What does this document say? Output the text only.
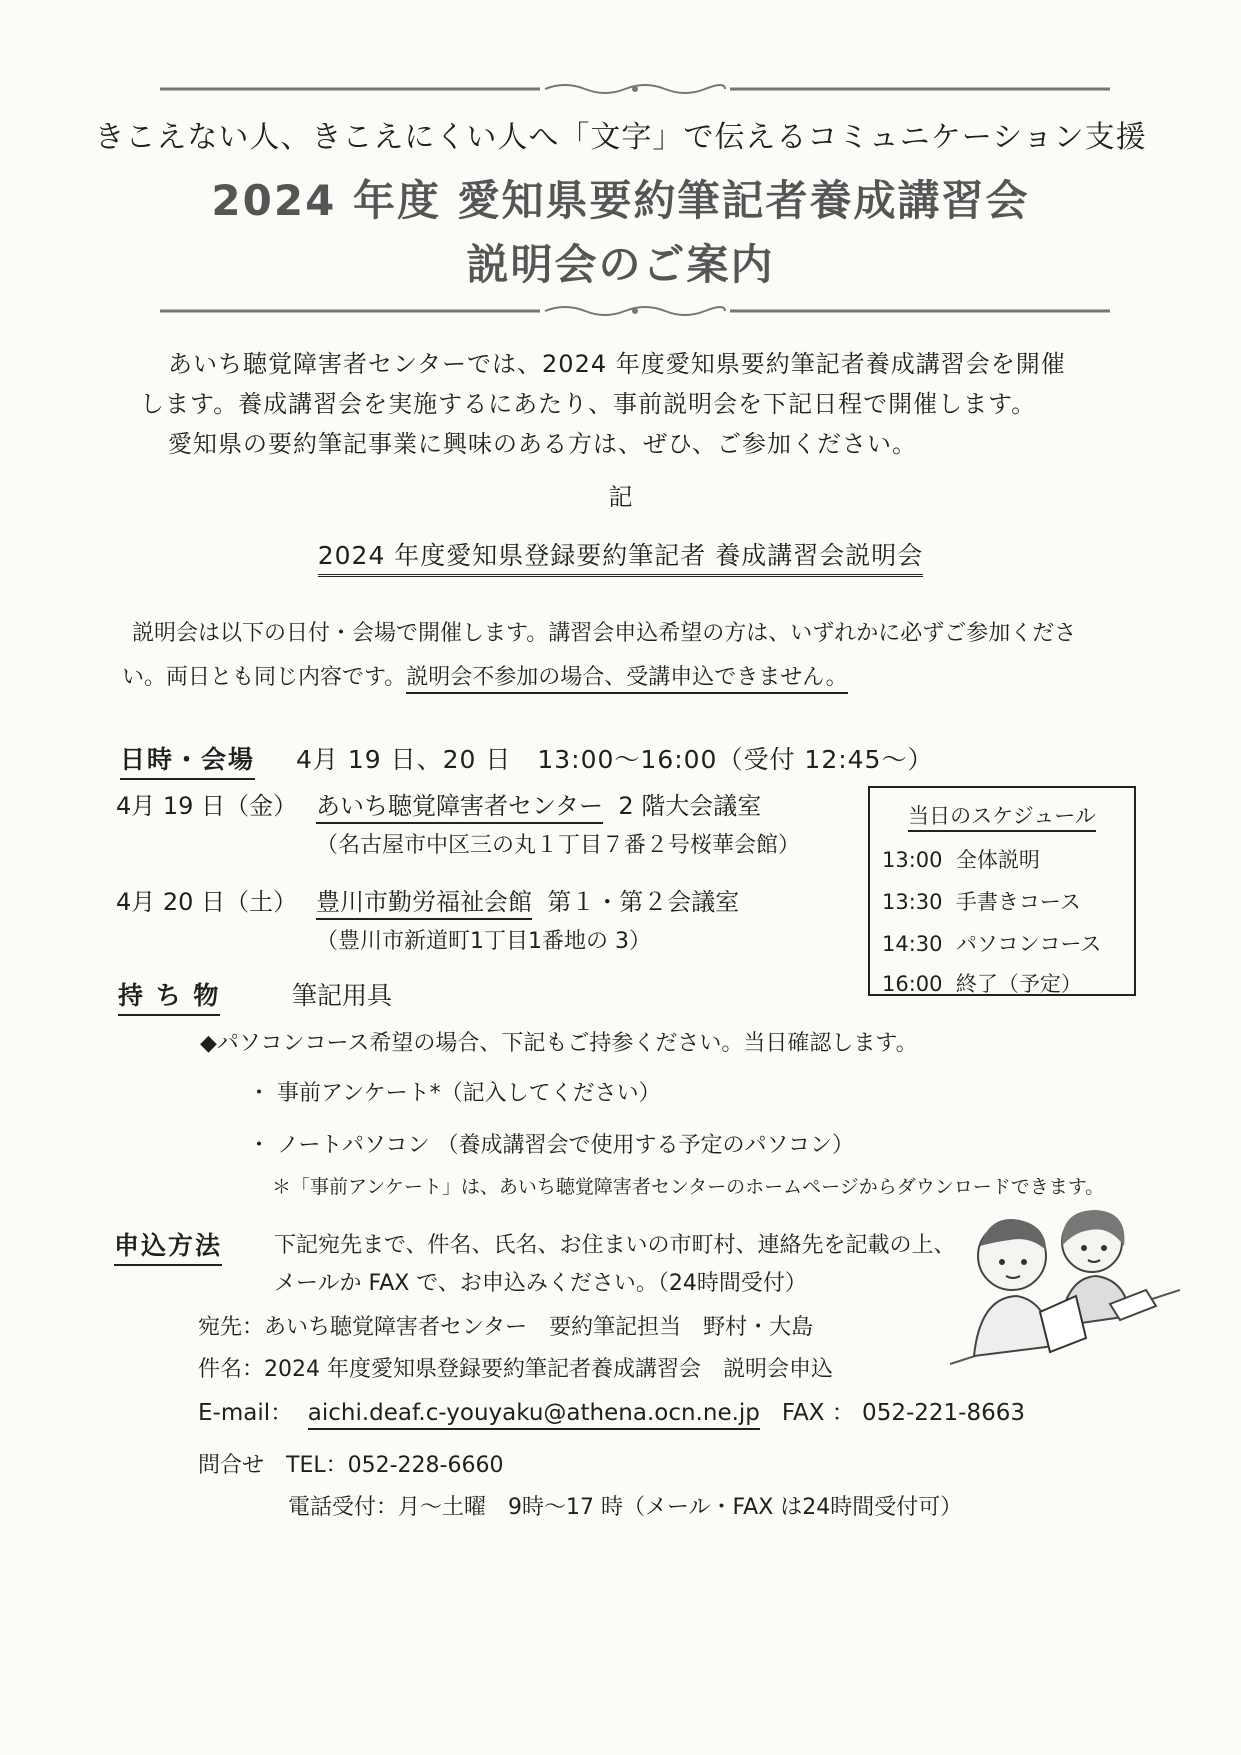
きこえない人、きこえにくい人へ「文字」で伝えるコミュニケーション支援
2024 年度 愛知県要約筆記者養成講習会
説明会のご案内
あいち聴覚障害者センターでは、2024 年度愛知県要約筆記者養成講習会を開催
します。養成講習会を実施するにあたり、事前説明会を下記日程で開催します。
愛知県の要約筆記事業に興味のある方は、ぜひ、ご参加ください。
記
2024 年度愛知県登録要約筆記者 養成講習会説明会
説明会は以下の日付・会場で開催します。講習会申込希望の方は、いずれかに必ずご参加くださ
い。両日とも同じ内容です。説明会不参加の場合、受講申込できません。
日時・会場 4月 19 日、20 日　13:00～16:00（受付 12:45～）
4月 19 日（金） あいち聴覚障害者センター 2 階大会議室
（名古屋市中区三の丸１丁目７番２号桜華会館）
4月 20 日（土） 豊川市勤労福祉会館 第１・第２会議室
（豊川市新道町1丁目1番地の 3）
当日のスケジュール
13:00 全体説明
13:30 手書きコース
14:30 パソコンコース
16:00 終了（予定）
持 ち 物	筆記用具
◆パソコンコース希望の場合、下記もご持参ください。当日確認します。
・ 事前アンケート*（記入してください）
・ ノートパソコン （養成講習会で使用する予定のパソコン）
＊「事前アンケート」は、あいち聴覚障害者センターのホームページからダウンロードできます。
申込方法 下記宛先まで、件名、氏名、お住まいの市町村、連絡先を記載の上、
メールか FAX で、お申込みください。（24時間受付）
宛先：あいち聴覚障害者センター　要約筆記担当　野村・大島
件名：2024 年度愛知県登録要約筆記者養成講習会　説明会申込
E-mail： aichi.deaf.c-youyaku@athena.ocn.ne.jp FAX ： 052-221-8663
問合せ　TEL：052-228-6660
電話受付：月～土曜　9時～17 時（メール・FAX は24時間受付可）
